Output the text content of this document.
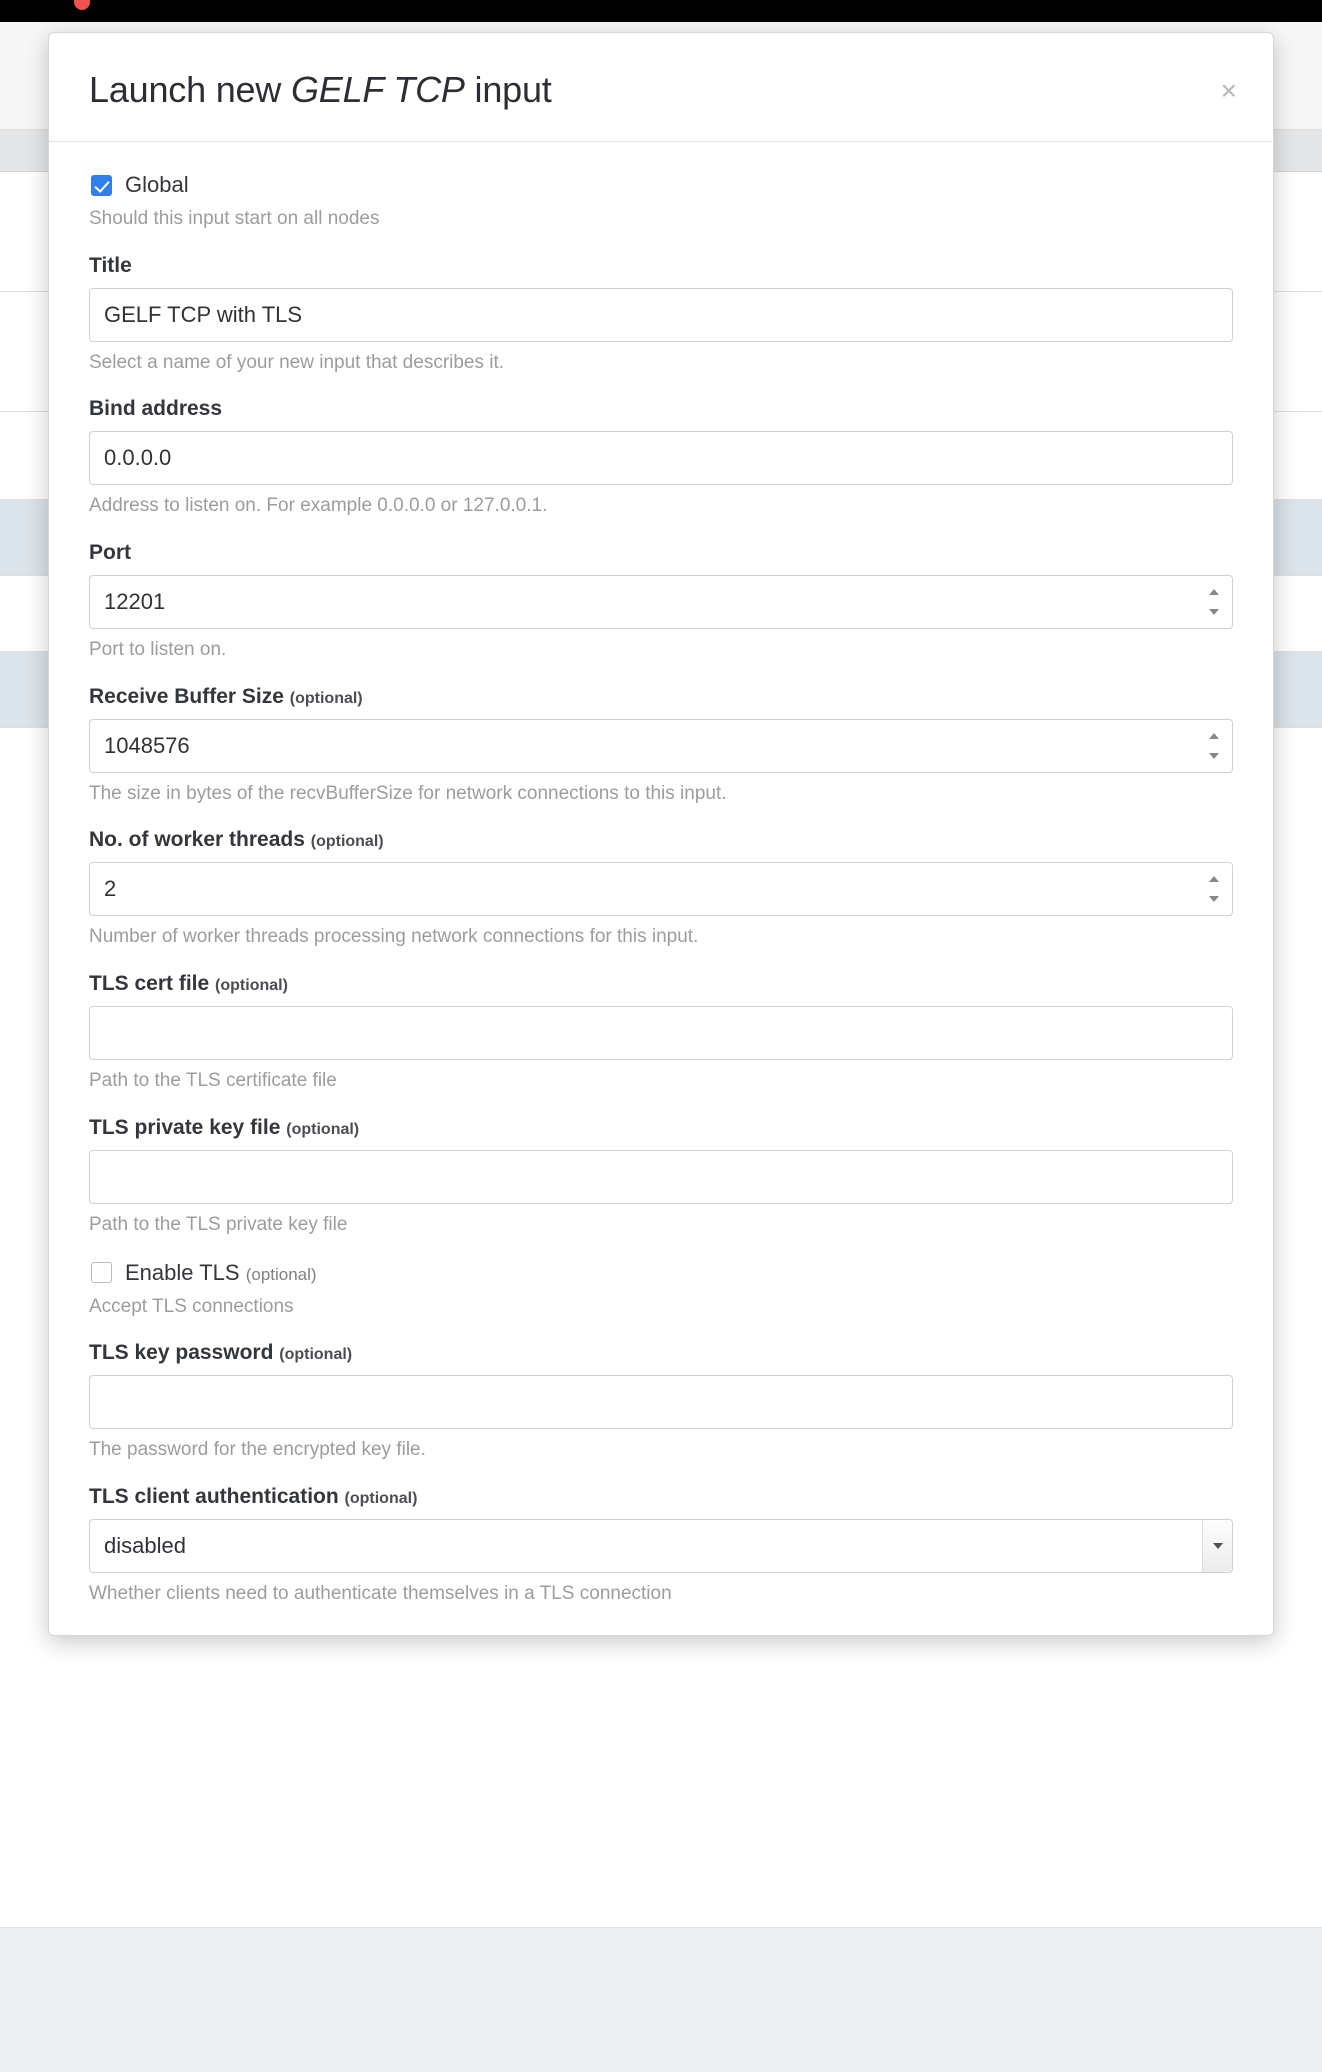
Launch new GELF TCP input	×
Global
Should this input start on all nodes
Title
GELF TCP with TLS
Select a name of your new input that describes it.
Bind address
0.0.0.0
Address to listen on. For example 0.0.0.0 or 127.0.0.1.
Port
12201
Port to listen on.
Receive Buffer Size (optional)
1048576
The size in bytes of the recvBufferSize for network connections to this input.
No. of worker threads (optional)
2
Number of worker threads processing network connections for this input.
TLS cert file (optional)
Path to the TLS certificate file
TLS private key file (optional)
Path to the TLS private key file
Enable TLS (optional)
Accept TLS connections
TLS key password (optional)
The password for the encrypted key file.
TLS client authentication (optional)
disabled
Whether clients need to authenticate themselves in a TLS connection
